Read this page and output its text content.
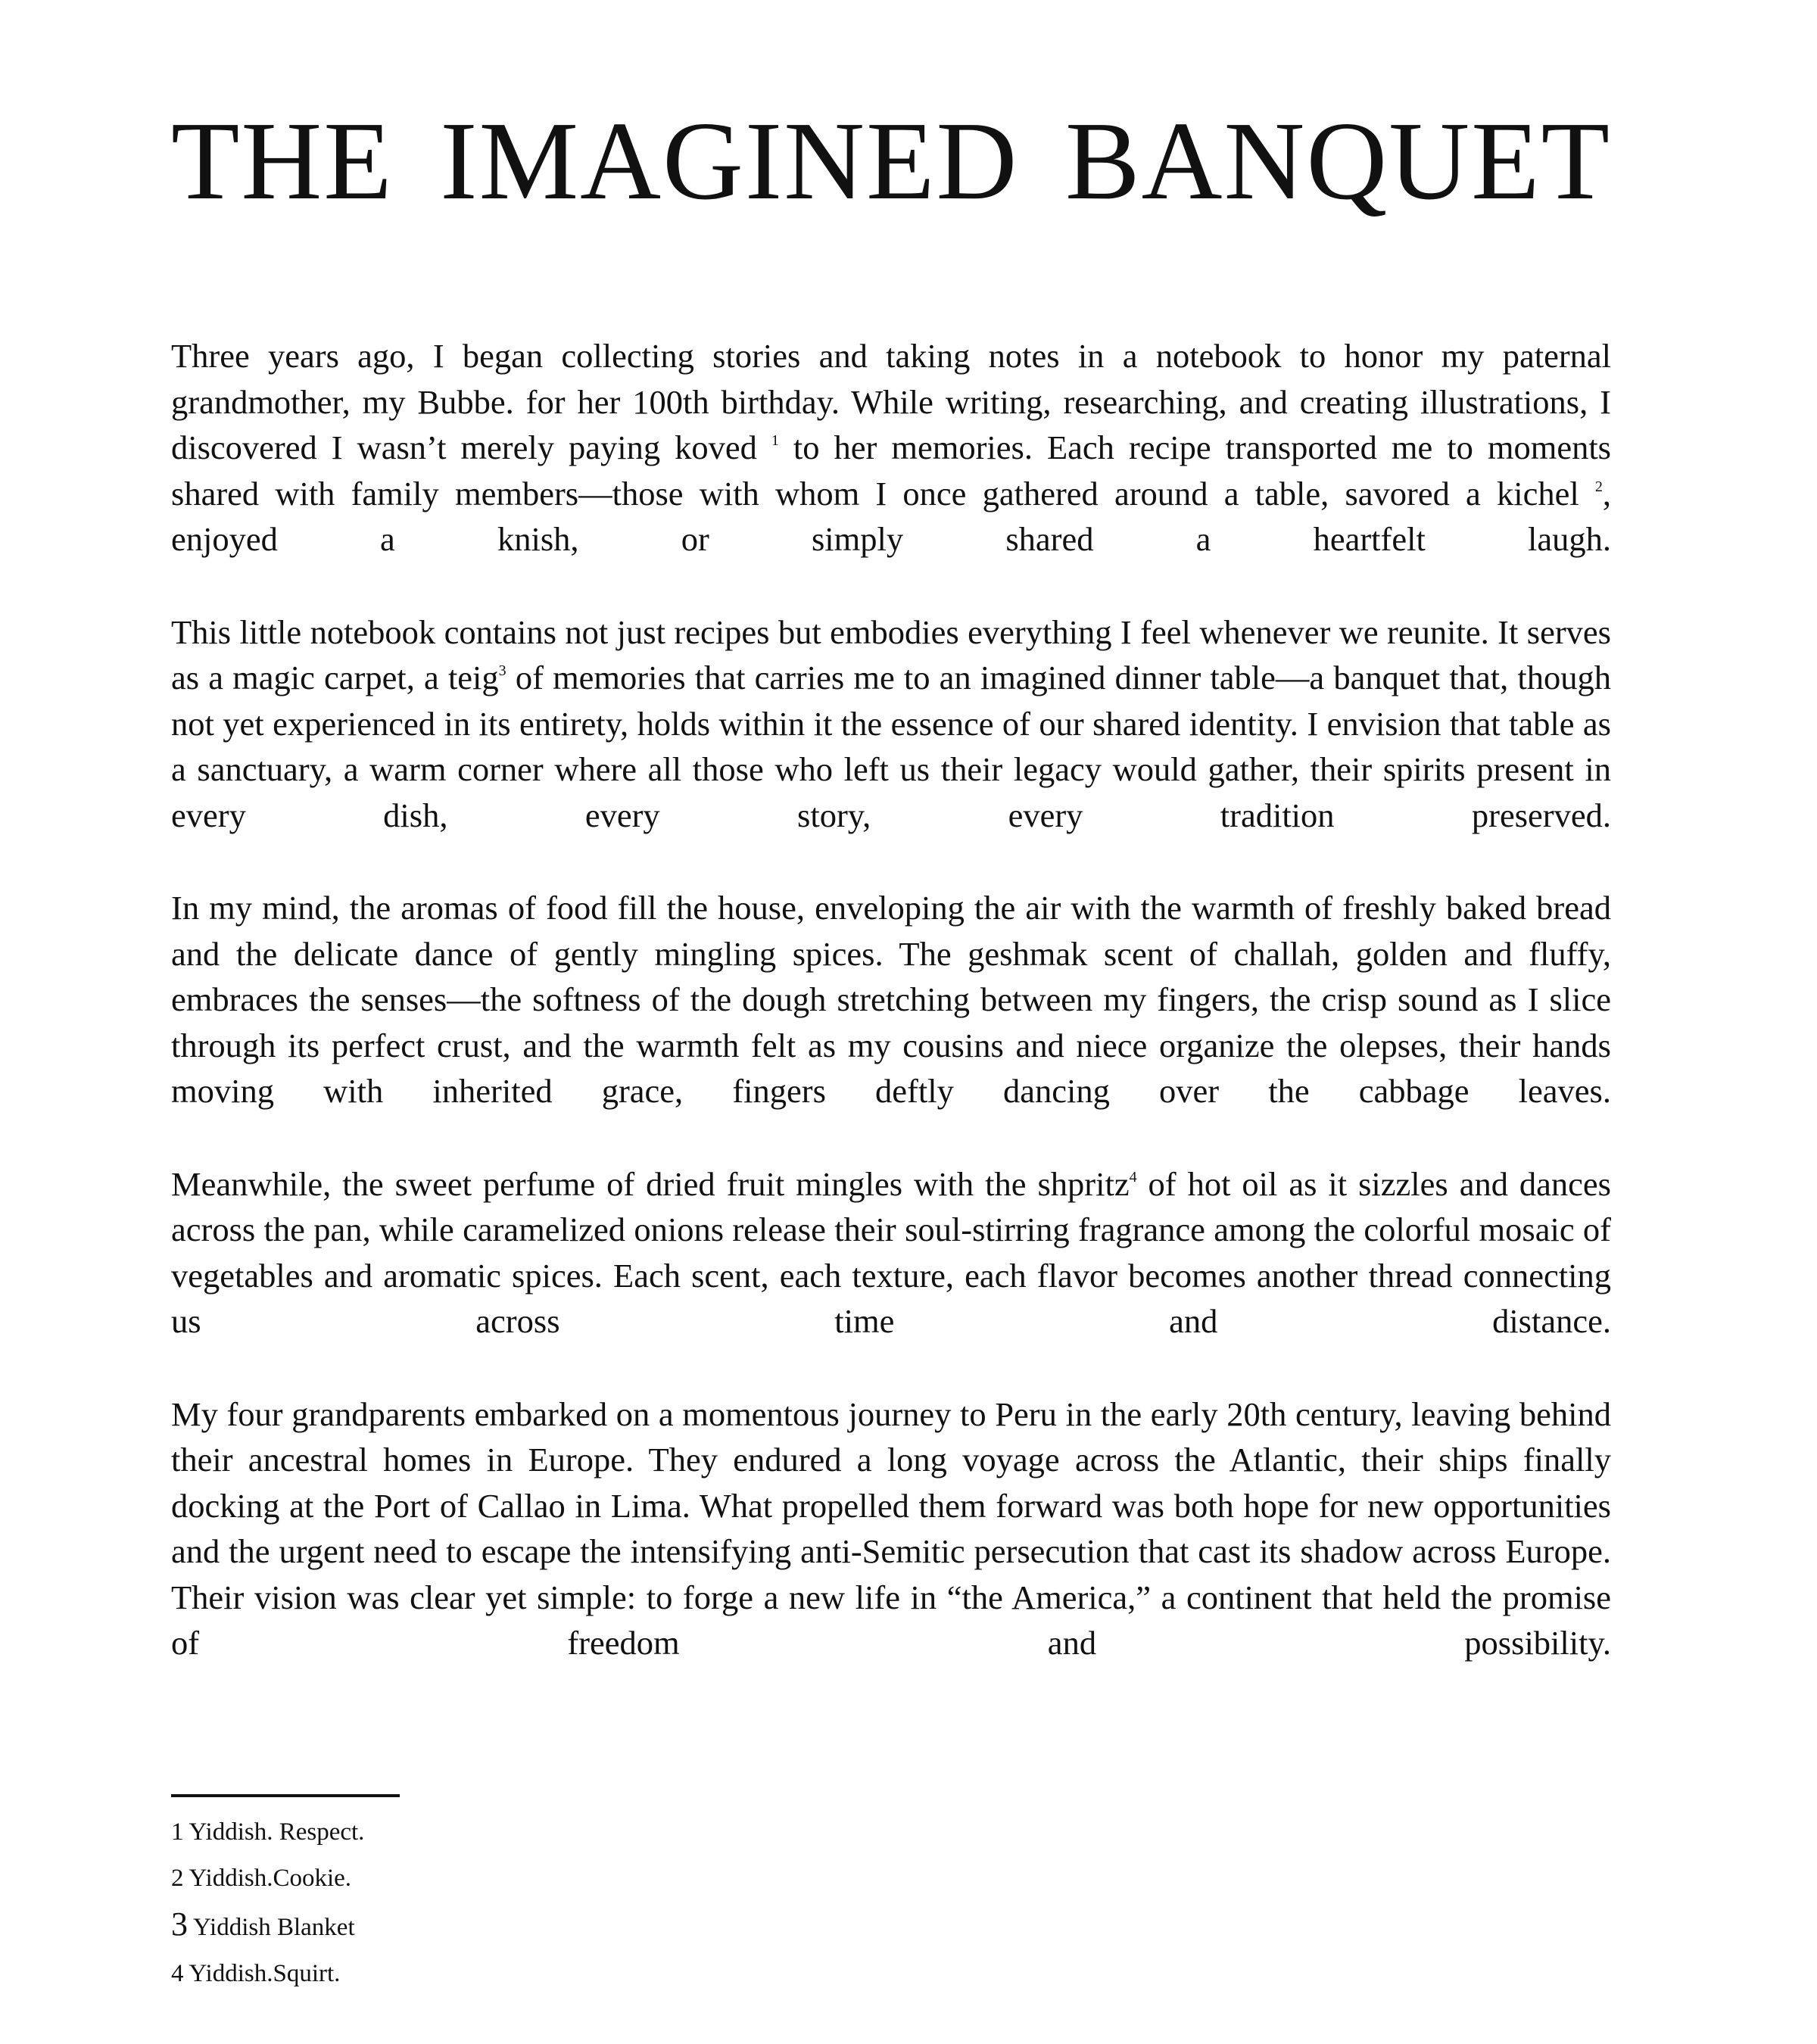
THE IMAGINED BANQUET

Three years ago, I began collecting stories and taking notes in a notebook to honor my paternal grandmother, my Bubbe. for her 100th birthday. While writing, researching, and creating illustrations, I discovered I wasn’t merely paying koved $^1$ to her memories. Each recipe transported me to moments shared with family members—those with whom I once gathered around a table, savored a kichel $^2$, enjoyed a knish, or simply shared a heartfelt laugh.

This little notebook contains not just recipes but embodies everything I feel whenever we reunite. It serves as a magic carpet, a teig$^3$ of memories that carries me to an imagined dinner table—a banquet that, though not yet experienced in its entirety, holds within it the essence of our shared identity. I envision that table as a sanctuary, a warm corner where all those who left us their legacy would gather, their spirits present in every dish, every story, every tradition preserved.

In my mind, the aromas of food fill the house, enveloping the air with the warmth of freshly baked bread and the delicate dance of gently mingling spices. The geshmak scent of challah, golden and fluffy, embraces the senses—the softness of the dough stretching between my fingers, the crisp sound as I slice through its perfect crust, and the warmth felt as my cousins and niece organize the olepses, their hands moving with inherited grace, fingers deftly dancing over the cabbage leaves.

Meanwhile, the sweet perfume of dried fruit mingles with the shpritz$^4$ of hot oil as it sizzles and dances across the pan, while caramelized onions release their soul-stirring fragrance among the colorful mosaic of vegetables and aromatic spices. Each scent, each texture, each flavor becomes another thread connecting us across time and distance.

My four grandparents embarked on a momentous journey to Peru in the early 20th century, leaving behind their ancestral homes in Europe. They endured a long voyage across the Atlantic, their ships finally docking at the Port of Callao in Lima. What propelled them forward was both hope for new opportunities and the urgent need to escape the intensifying anti-Semitic persecution that cast its shadow across Europe. Their vision was clear yet simple: to forge a new life in “the America,” a continent that held the promise of freedom and possibility.

1 Yiddish. Respect.

2 Yiddish.Cookie.

3 Yiddish Blanket

4 Yiddish.Squirt.
